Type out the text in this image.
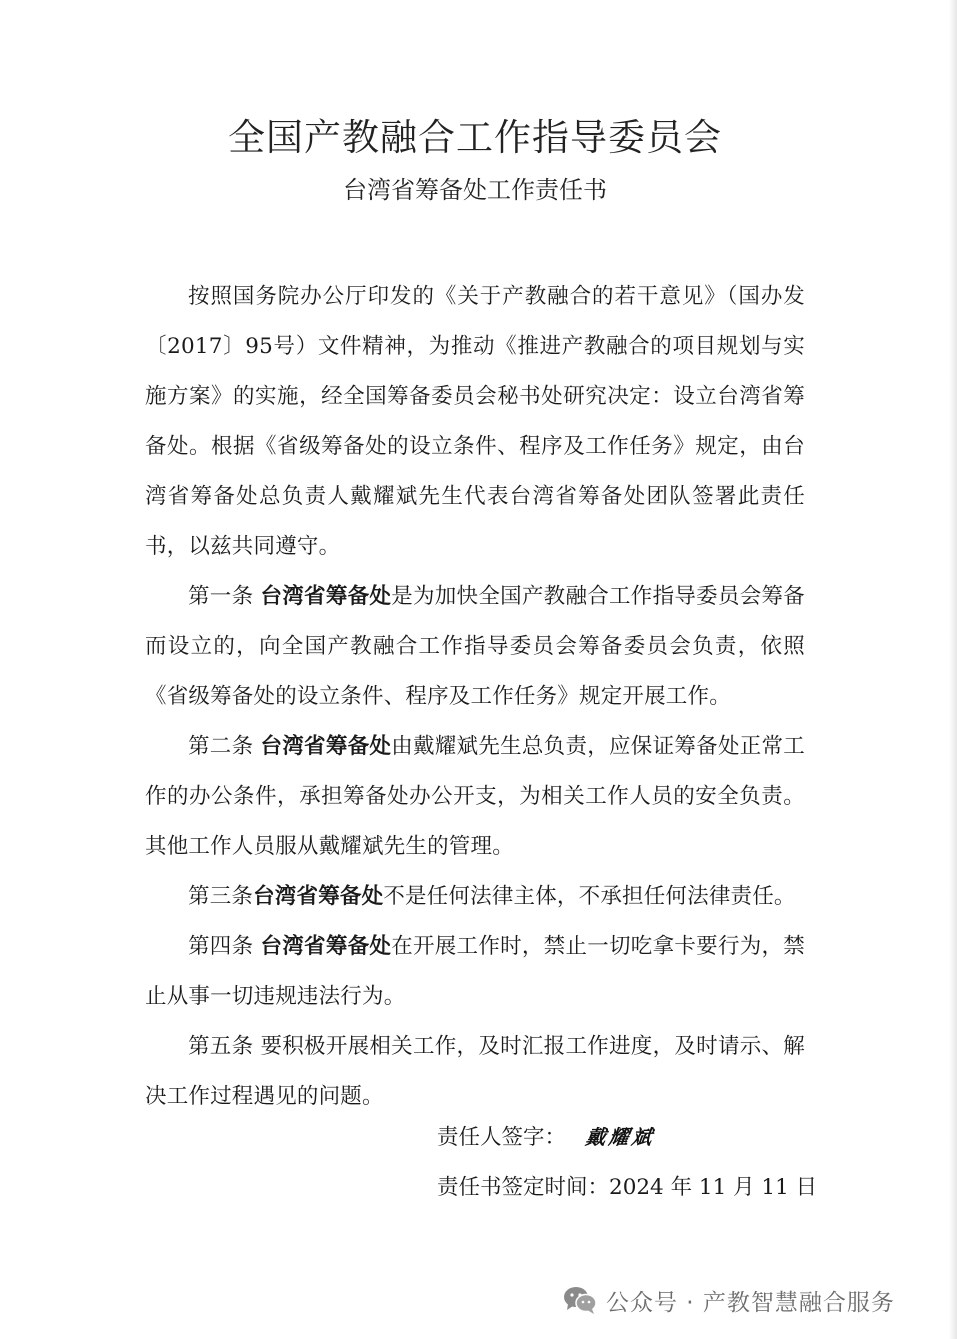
全国产教融合工作指导委员会
台湾省筹备处工作责任书

按照国务院办公厅印发的《关于产教融合的若干意见》（国办发〔2017〕95号）文件精神，为推动《推进产教融合的项目规划与实施方案》的实施，经全国筹备委员会秘书处研究决定：设立台湾省筹备处。根据《省级筹备处的设立条件、程序及工作任务》规定，由台湾省筹备处总负责人戴耀斌先生代表台湾省筹备处团队签署此责任书，以兹共同遵守。

第一条 台湾省筹备处是为加快全国产教融合工作指导委员会筹备而设立的，向全国产教融合工作指导委员会筹备委员会负责，依照《省级筹备处的设立条件、程序及工作任务》规定开展工作。

第二条 台湾省筹备处由戴耀斌先生总负责，应保证筹备处正常工作的办公条件，承担筹备处办公开支，为相关工作人员的安全负责。其他工作人员服从戴耀斌先生的管理。

第三条台湾省筹备处不是任何法律主体，不承担任何法律责任。

第四条 台湾省筹备处在开展工作时，禁止一切吃拿卡要行为，禁止从事一切违规违法行为。

第五条 要积极开展相关工作，及时汇报工作进度，及时请示、解决工作过程遇见的问题。

责任人签字： 戴耀斌
责任书签定时间：2024 年 11 月 11 日
公众号 · 产教智慧融合服务
